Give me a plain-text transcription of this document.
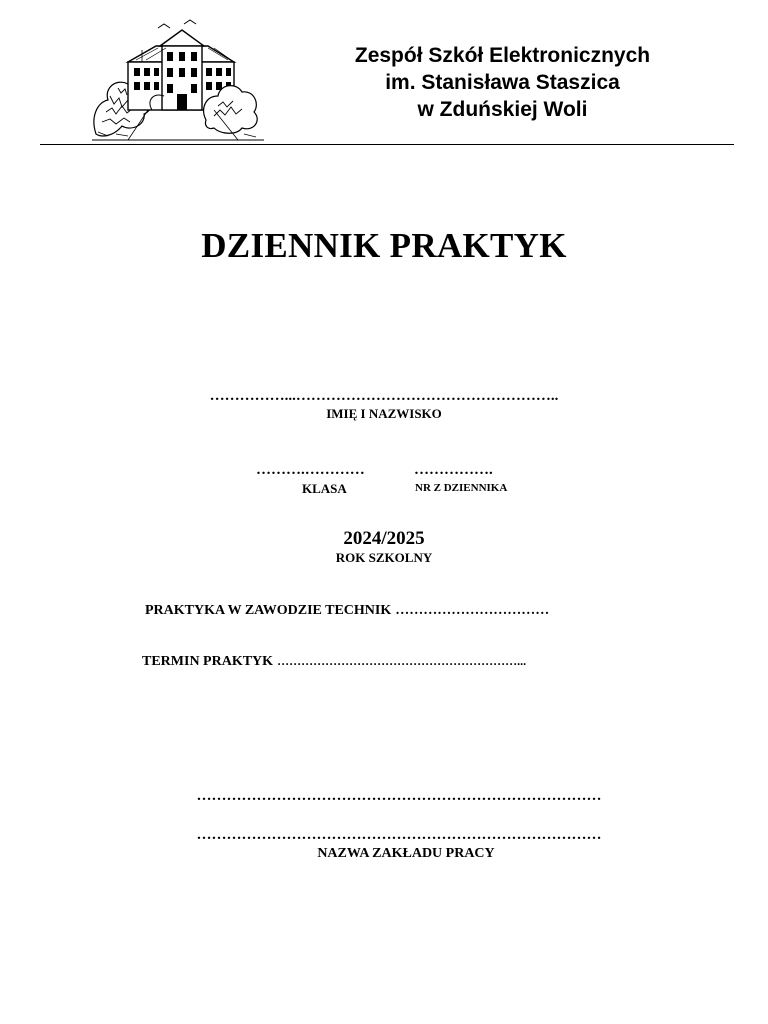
Zespół Szkół Elektronicznych
im. Stanisława Staszica
w Zduńskiej Woli
DZIENNIK PRAKTYK
……………...……………………………………………..
IMIĘ I NAZWISKO
……….…………	…………….
KLASA	NR Z DZIENNIKA
2024/2025
ROK SZKOLNY
PRAKTYKA W ZAWODZIE TECHNIK ……………………………
TERMIN PRAKTYK ……………………………………………………...
………………………………………………………………………
………………………………………………………………………
NAZWA ZAKŁADU PRACY
